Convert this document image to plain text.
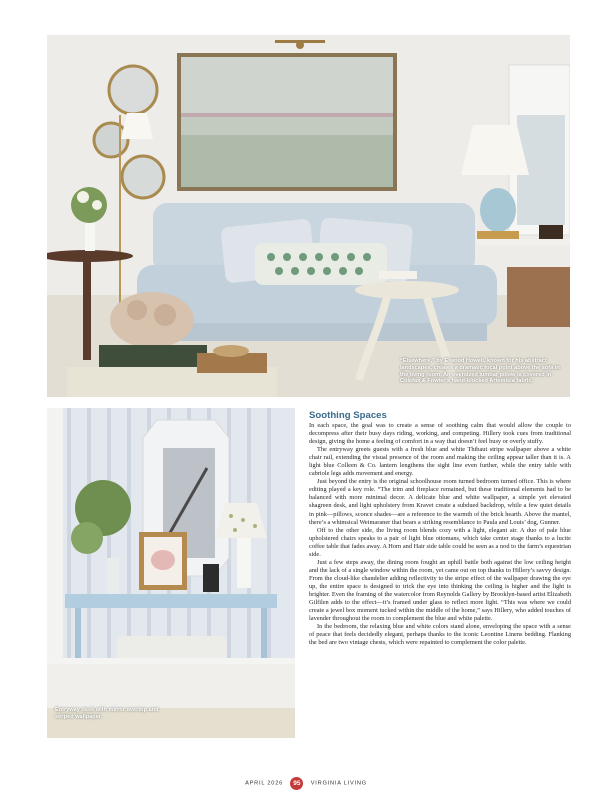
“Elsewhere,” by Elwood Howell, known for his abstract landscapes, creates a dramatic focal point above the sofa in the living room. An oversized lumbar pillow is covered in Colefax & Fowler’s hand-blocked Artemisia fabric.
Entryway desk with mirror overtop and striped wallpaper.
Soothing Spaces

In each space, the goal was to create a sense of soothing calm that would allow the couple to decompress after their busy days riding, working, and competing. Hillery took cues from traditional design, giving the home a feeling of comfort in a way that doesn’t feel busy or overly stuffy.

The entryway greets guests with a fresh blue and white Thibaut stripe wallpaper above a white chair rail, extending the visual presence of the room and making the ceiling appear taller than it is. A light blue Colleen & Co. lantern lengthens the sight line even further, while the entry table with cabriole legs adds movement and energy.

Just beyond the entry is the original schoolhouse room turned bedroom turned office. This is where editing played a key role. “The trim and fireplace remained, but these traditional elements had to be balanced with more minimal decor. A delicate blue and white wallpaper, a simple yet elevated shagreen desk, and light upholstery from Kravet create a subdued backdrop, while a few quiet details in pink—pillows, sconce shades—are a reference to the warmth of the brick hearth. Above the mantel, there’s a whimsical Weimaraner that bears a striking resemblance to Paula and Louis’ dog, Gunner.

Off to the other side, the living room blends cozy with a light, elegant air. A duo of pale blue upholstered chairs speaks to a pair of light blue ottomans, which take center stage thanks to a lucite coffee table that fades away. A Horn and Hair side table could be seen as a nod to the farm’s equestrian side.

Just a few steps away, the dining room fought an uphill battle both against the low ceiling height and the lack of a single window within the room, yet came out on top thanks to Hillery’s savvy design. From the cloud-like chandelier adding reflectivity to the stripe effect of the wallpaper drawing the eye up, the entire space is designed to trick the eye into thinking the ceiling is higher and the light is brighter. Even the framing of the watercolor from Reynolds Gallery by Brooklyn-based artist Elizabeth Gilfilen adds to the effect—it’s framed under glass to reflect more light. “This was where we could create a jewel box moment tucked within the middle of the home,” says Hillery, who added touches of lavender throughout the room to complement the blue and white palette.

In the bedroom, the relaxing blue and white colors stand alone, enveloping the space with a sense of peace that feels decidedly elegant, perhaps thanks to the iconic Leontine Linens bedding. Flanking the bed are two vintage chests, which were repainted to complement the color palette.

APRIL 2026 95 VIRGINIA LIVING
